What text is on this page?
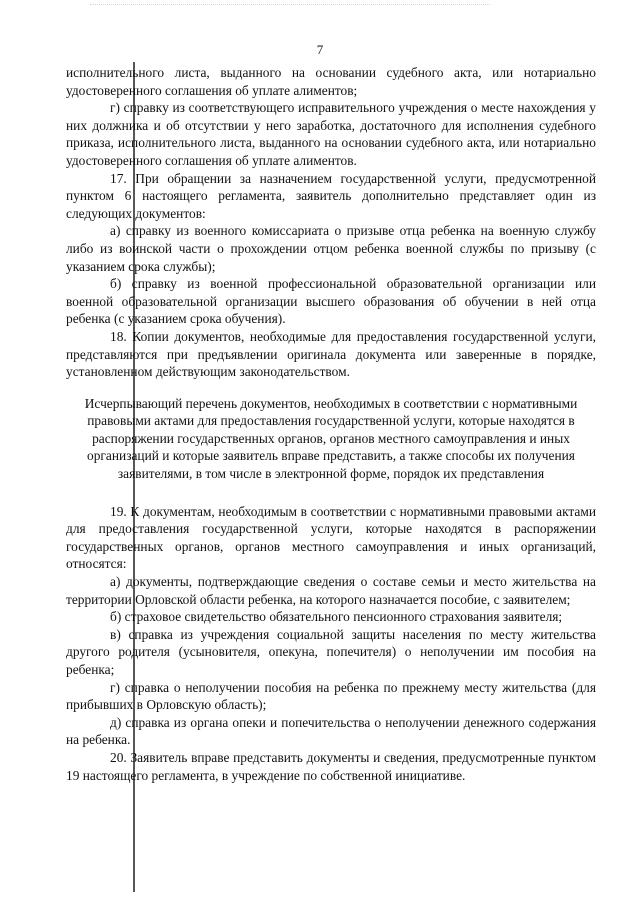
7

исполнительного листа, выданного на основании судебного акта, или нотариально удостоверенного соглашения об уплате алиментов;

г) справку из соответствующего исправительного учреждения о месте нахождения у них должника и об отсутствии у него заработка, достаточного для исполнения судебного приказа, исполнительного листа, выданного на основании судебного акта, или нотариально удостоверенного соглашения об уплате алиментов.

17. При обращении за назначением государственной услуги, предусмотренной пунктом 6 настоящего регламента, заявитель дополнительно представляет один из следующих документов:

а) справку из военного комиссариата о призыве отца ребенка на военную службу либо из воинской части о прохождении отцом ребенка военной службы по призыву (с указанием срока службы);

б) справку из военной профессиональной образовательной организации или военной образовательной организации высшего образования об обучении в ней отца ребенка (с указанием срока обучения).

18. Копии документов, необходимые для предоставления государственной услуги, представляются при предъявлении оригинала документа или заверенные в порядке, установленном действующим законодательством.

Исчерпывающий перечень документов, необходимых в соответствии с нормативными правовыми актами для предоставления государственной услуги, которые находятся в распоряжении государственных органов, органов местного самоуправления и иных организаций и которые заявитель вправе представить, а также способы их получения заявителями, в том числе в электронной форме, порядок их представления

19. К документам, необходимым в соответствии с нормативными правовыми актами для предоставления государственной услуги, которые находятся в распоряжении государственных органов, органов местного самоуправления и иных организаций, относятся:

а) документы, подтверждающие сведения о составе семьи и место жительства на территории Орловской области ребенка, на которого назначается пособие, с заявителем;

б) страховое свидетельство обязательного пенсионного страхования заявителя;

в) справка из учреждения социальной защиты населения по месту жительства другого родителя (усыновителя, опекуна, попечителя) о неполучении им пособия на ребенка;

г) справка о неполучении пособия на ребенка по прежнему месту жительства (для прибывших в Орловскую область);

д) справка из органа опеки и попечительства о неполучении денежного содержания на ребенка.

20. Заявитель вправе представить документы и сведения, предусмотренные пунктом 19 настоящего регламента, в учреждение по собственной инициативе.
